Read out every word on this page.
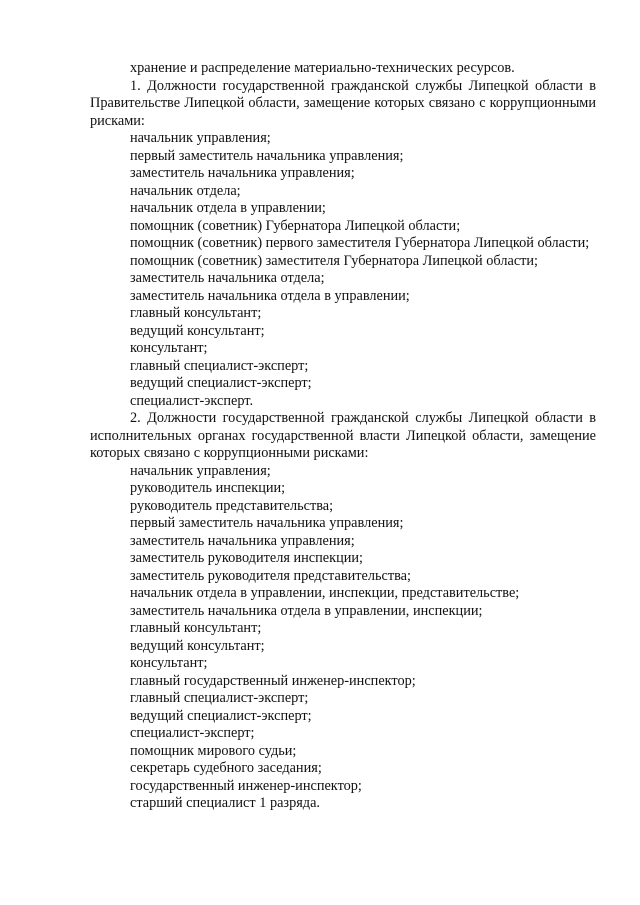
хранение и распределение материально-технических ресурсов.

1. Должности государственной гражданской службы Липецкой области в Правительстве Липецкой области, замещение которых связано с коррупционными рисками:

начальник управления;

первый заместитель начальника управления;

заместитель начальника управления;

начальник отдела;

начальник отдела в управлении;

помощник (советник) Губернатора Липецкой области;

помощник (советник) первого заместителя Губернатора Липецкой области;

помощник (советник) заместителя Губернатора Липецкой области;

заместитель начальника отдела;

заместитель начальника отдела в управлении;

главный консультант;

ведущий консультант;

консультант;

главный специалист-эксперт;

ведущий специалист-эксперт;

специалист-эксперт.

2. Должности государственной гражданской службы Липецкой области в исполнительных органах государственной власти Липецкой области, замещение которых связано с коррупционными рисками:

начальник управления;

руководитель инспекции;

руководитель представительства;

первый заместитель начальника управления;

заместитель начальника управления;

заместитель руководителя инспекции;

заместитель руководителя представительства;

начальник отдела в управлении, инспекции, представительстве;

заместитель начальника отдела в управлении, инспекции;

главный консультант;

ведущий консультант;

консультант;

главный государственный инженер-инспектор;

главный специалист-эксперт;

ведущий специалист-эксперт;

специалист-эксперт;

помощник мирового судьи;

секретарь судебного заседания;

государственный инженер-инспектор;

старший специалист 1 разряда.
